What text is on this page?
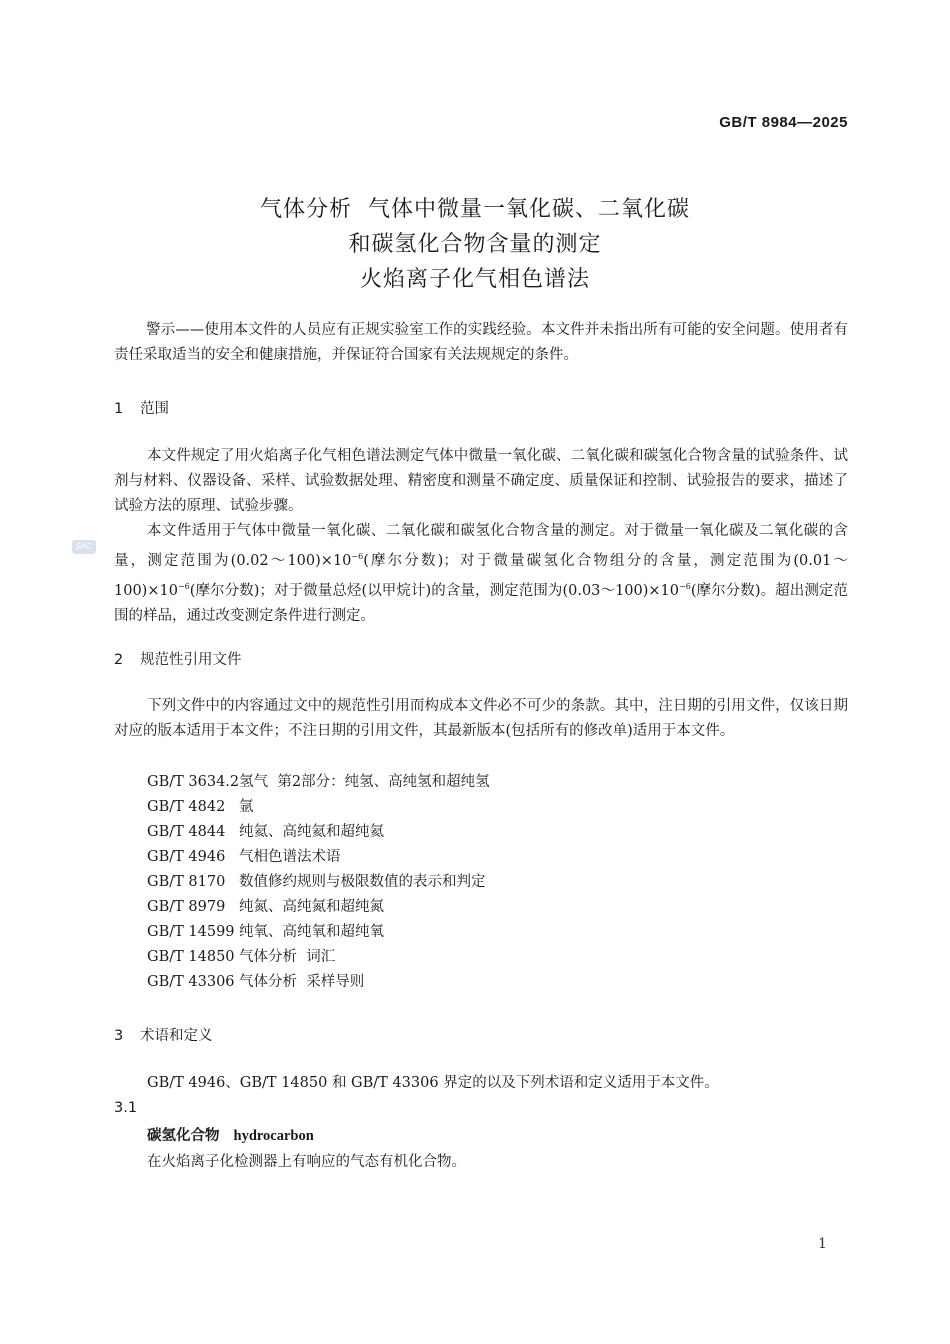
GB/T 8984—2025
气体分析  气体中微量一氧化碳、二氧化碳
和碳氢化合物含量的测定
火焰离子化气相色谱法
警示——使用本文件的人员应有正规实验室工作的实践经验。本文件并未指出所有可能的安全问题。使用者有责任采取适当的安全和健康措施，并保证符合国家有关法规规定的条件。
1 范围
本文件规定了用火焰离子化气相色谱法测定气体中微量一氧化碳、二氧化碳和碳氢化合物含量的试验条件、试剂与材料、仪器设备、采样、试验数据处理、精密度和测量不确定度、质量保证和控制、试验报告的要求，描述了试验方法的原理、试验步骤。
本文件适用于气体中微量一氧化碳、二氧化碳和碳氢化合物含量的测定。对于微量一氧化碳及二氧化碳的含量，测定范围为$(0.02\sim 100)\times 10^{-6}$(摩尔分数)；对于微量碳氢化合物组分的含量，测定范围为$(0.01\sim 100)\times 10^{-6}$(摩尔分数)；对于微量总烃(以甲烷计)的含量，测定范围为$(0.03\sim 100)\times 10^{-6}$(摩尔分数)。超出测定范围的样品，通过改变测定条件进行测定。
SAC
2 规范性引用文件
下列文件中的内容通过文中的规范性引用而构成本文件必不可少的条款。其中，注日期的引用文件，仅该日期对应的版本适用于本文件；不注日期的引用文件，其最新版本(包括所有的修改单)适用于本文件。
GB/T 3634.2氢气  第2部分：纯氢、高纯氢和超纯氢
GB/T 4842 氩
GB/T 4844 纯氦、高纯氦和超纯氦
GB/T 4946 气相色谱法术语
GB/T 8170 数值修约规则与极限数值的表示和判定
GB/T 8979 纯氮、高纯氮和超纯氮
GB/T 14599 纯氧、高纯氧和超纯氧
GB/T 14850 气体分析  词汇
GB/T 43306 气体分析  采样导则
3 术语和定义
GB/T 4946、GB/T 14850 和 GB/T 43306 界定的以及下列术语和定义适用于本文件。
3.1
碳氢化合物 hydrocarbon
在火焰离子化检测器上有响应的气态有机化合物。
1
